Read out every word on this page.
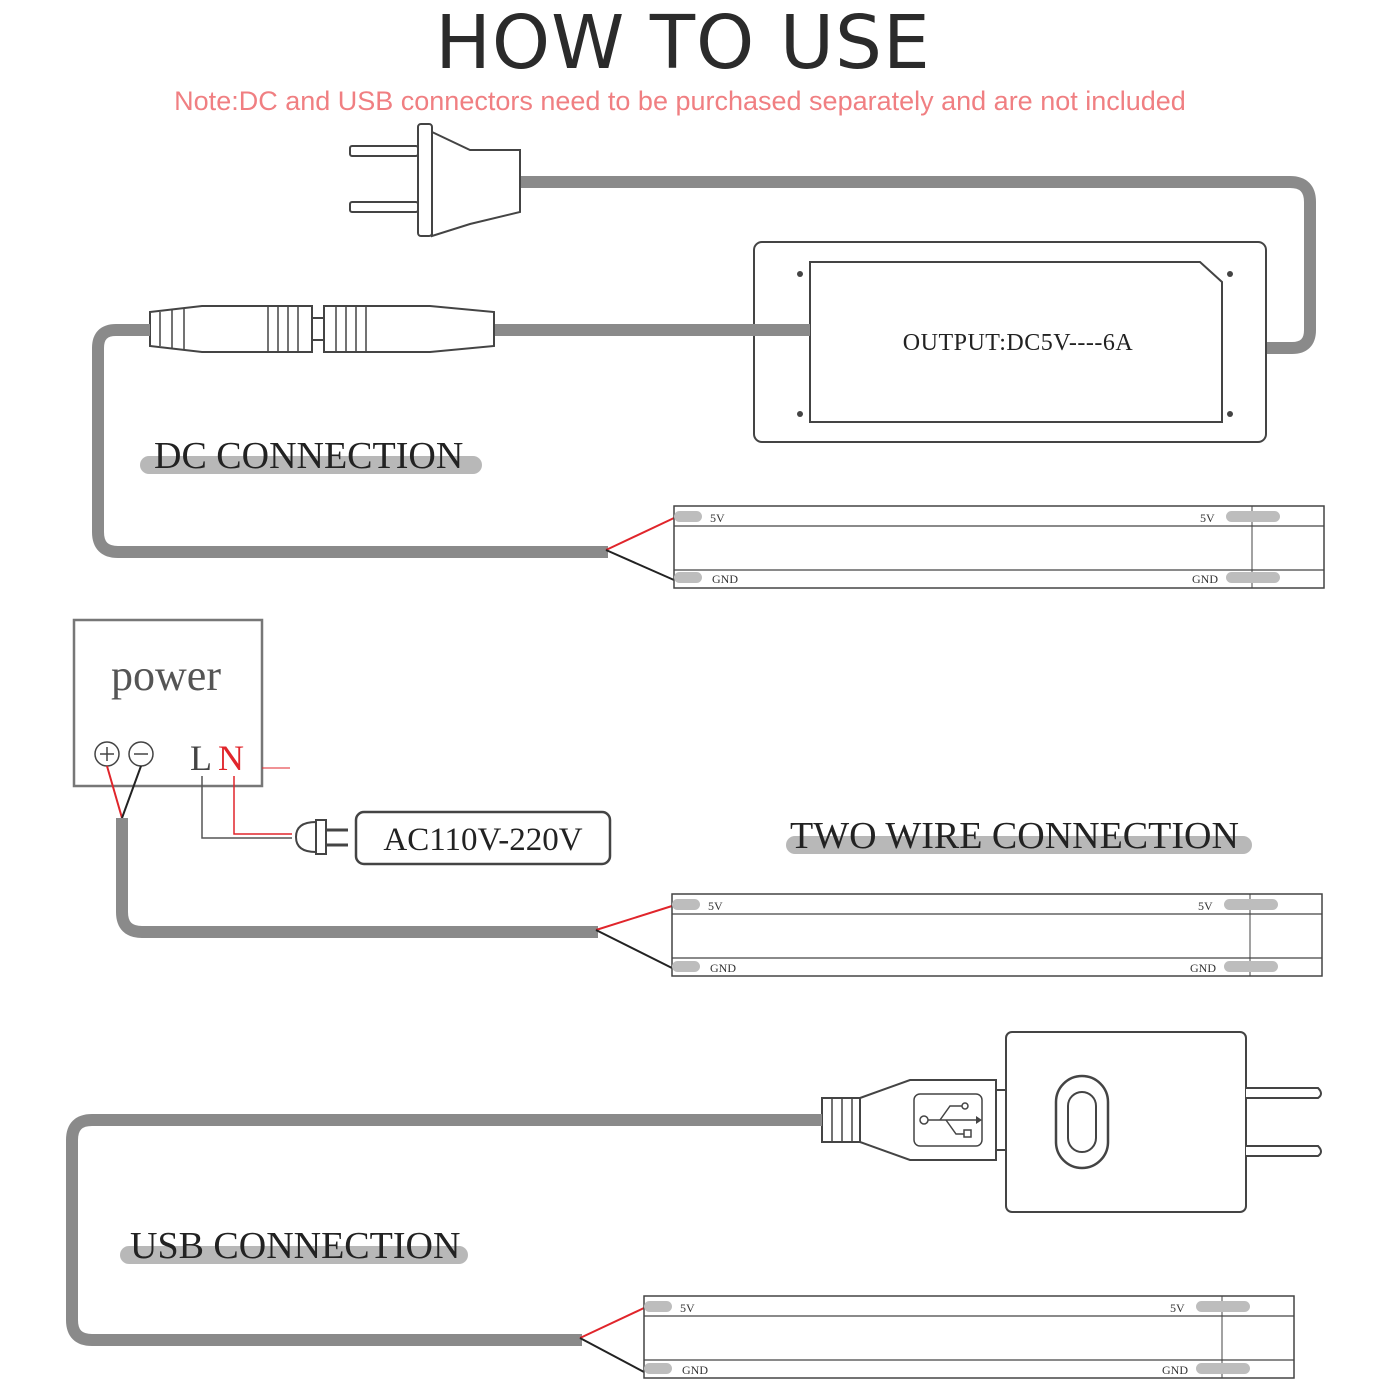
HOW TO USE
Note:DC and USB connectors need to be purchased separately and are not included
OUTPUT:DC5V----6A
DC CONNECTION
5V
GND
5V
GND
power
L N
AC110V-220V	TWO WIRE CONNECTION
5V
GND
5V
GND
USB CONNECTION
5V
GND
5V
GND
